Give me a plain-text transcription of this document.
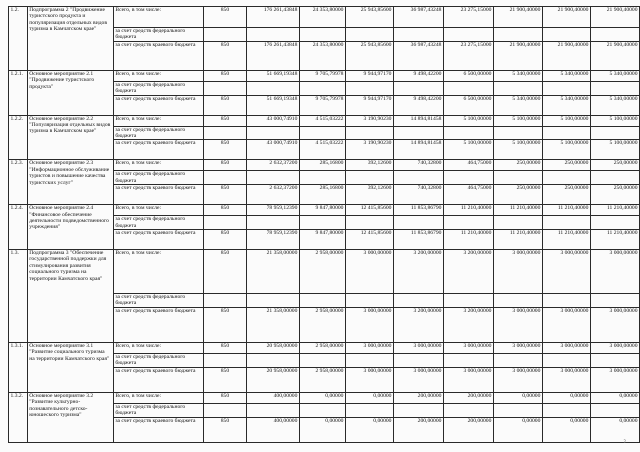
1.2.	Подпрограмма 2 "Продвижение туристского продукта и популяризация отдельных видов туризма в Камчатском крае"	Всего, в том числе:	850	176 261,43848	24 353,80000	25 943,85600	36 987,43248	23 275,15000	21 900,40000	21 900,40000	21 900,40000
		за счет средств федерального бюджета									
		за счет средств краевого бюджета	850	176 261,43848	24 353,80000	25 943,85600	36 987,43248	23 275,15000	21 900,40000	21 900,40000	21 900,40000
1.2.1.	Основное мероприятие 2.1 "Продвижение туристского продукта"	Всего, в том числе:	850	51 669,19348	9 705,79978	9 944,97170	9 498,42200	6 500,00000	5 340,00000	5 340,00000	5 340,00000
		за счет средств федерального бюджета									
		за счет средств краевого бюджета	850	51 669,19348	9 705,79978	9 944,97170	9 498,42200	6 500,00000	5 340,00000	5 340,00000	5 340,00000
1.2.2.	Основное мероприятие 2.2 "Популяризация отдельных видов туризма в Камчатском крае"	Всего, в том числе:	850	43 000,74910	4 515,03222	3 190,90230	14 894,81458	5 100,00000	5 100,00000	5 100,00000	5 100,00000
		за счет средств федерального бюджета									
		за счет средств краевого бюджета	850	43 000,74910	4 515,03222	3 190,90230	14 894,81458	5 100,00000	5 100,00000	5 100,00000	5 100,00000
1.2.3.	Основное мероприятие 2.3 "Информационное обслуживание туристов и повышение качества туристских услуг"	Всего, в том числе:	850	2 632,37200	285,16800	392,12600	740,32800	464,75000	250,00000	250,00000	250,00000
		за счет средств федерального бюджета									
		за счет средств краевого бюджета	850	2 632,37200	285,16800	392,12600	740,32800	464,75000	250,00000	250,00000	250,00000
1.2.4.	Основное мероприятие 2.4 "Финансовое обеспечение деятельности подведомственного учреждения"	Всего, в том числе:	850	78 959,12390	9 847,80000	12 415,85600	11 853,86790	11 210,40000	11 210,40000	11 210,40000	11 210,40000
		за счет средств федерального бюджета									
		за счет средств краевого бюджета	850	78 959,12390	9 847,80000	12 415,85600	11 853,86790	11 210,40000	11 210,40000	11 210,40000	11 210,40000
1.3.	Подпрограмма 3 "Обеспечение государственной поддержки для стимулирования развития социального туризма на территории Камчатского края"	Всего, в том числе:	850	21 358,00000	2 958,00000	3 000,00000	3 200,00000	3 200,00000	3 000,00000	3 000,00000	3 000,00000
		за счет средств федерального бюджета									
		за счет средств краевого бюджета	850	21 358,00000	2 958,00000	3 000,00000	3 200,00000	3 200,00000	3 000,00000	3 000,00000	3 000,00000
1.3.1.	Основное мероприятие 3.1 "Развитие социального туризма на территории Камчатского края"	Всего, в том числе:	850	20 958,00000	2 958,00000	3 000,00000	3 000,00000	3 000,00000	3 000,00000	3 000,00000	3 000,00000
		за счет средств федерального бюджета									
		за счет средств краевого бюджета	850	20 958,00000	2 958,00000	3 000,00000	3 000,00000	3 000,00000	3 000,00000	3 000,00000	3 000,00000
1.3.2.	Основное мероприятие 3.2 "Развитие культурно-познавательного детско-юношеского туризма"	Всего, в том числе:	850	400,00000	0,00000	0,00000	200,00000	200,00000	0,00000	0,00000	0,00000
		за счет средств федерального бюджета									
		за счет средств краевого бюджета	850	400,00000	0,00000	0,00000	200,00000	200,00000	0,00000	0,00000	0,00000
2
